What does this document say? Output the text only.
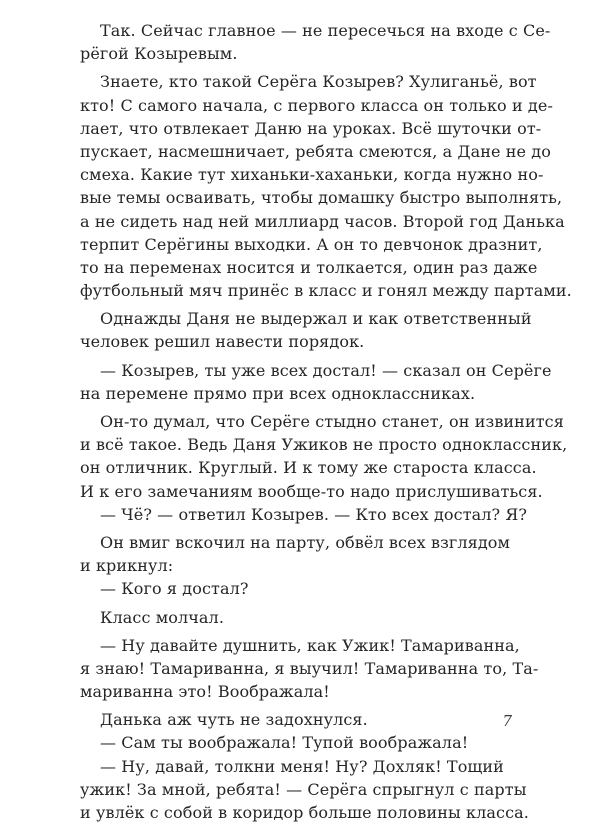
Так. Сейчас главное — не пересечься на входе с Се-
рёгой Козыревым.
Знаете, кто такой Серёга Козырев? Хулиганьё, вот
кто! С самого начала, с первого класса он только и де-
лает, что отвлекает Даню на уроках. Всё шуточки от-
пускает, насмешничает, ребята смеются, а Дане не до
смеха. Какие тут хиханьки-хаханьки, когда нужно но-
вые темы осваивать, чтобы домашку быстро выполнять,
а не сидеть над ней миллиард часов. Второй год Данька
терпит Серёгины выходки. А он то девчонок дразнит,
то на переменах носится и толкается, один раз даже
футбольный мяч принёс в класс и гонял между партами.
Однажды Даня не выдержал и как ответственный
человек решил навести порядок.
— Козырев, ты уже всех достал! — сказал он Серёге
на перемене прямо при всех одноклассниках.
Он-то думал, что Серёге стыдно станет, он извинится
и всё такое. Ведь Даня Ужиков не просто одноклассник,
он отличник. Круглый. И к тому же староста класса.
И к его замечаниям вообще-то надо прислушиваться.
— Чё? — ответил Козырев. — Кто всех достал? Я?
Он вмиг вскочил на парту, обвёл всех взглядом
и крикнул:
— Кого я достал?
Класс молчал.
— Ну давайте душнить, как Ужик! Тамариванна,
я знаю! Тамариванна, я выучил! Тамариванна то, Та-
мариванна это! Воображала!
Данька аж чуть не задохнулся.
— Сам ты воображала! Тупой воображала!
— Ну, давай, толкни меня! Ну? Дохляк! Тощий
ужик! За мной, ребята! — Серёга спрыгнул с парты
и увлёк с собой в коридор больше половины класса.
7
